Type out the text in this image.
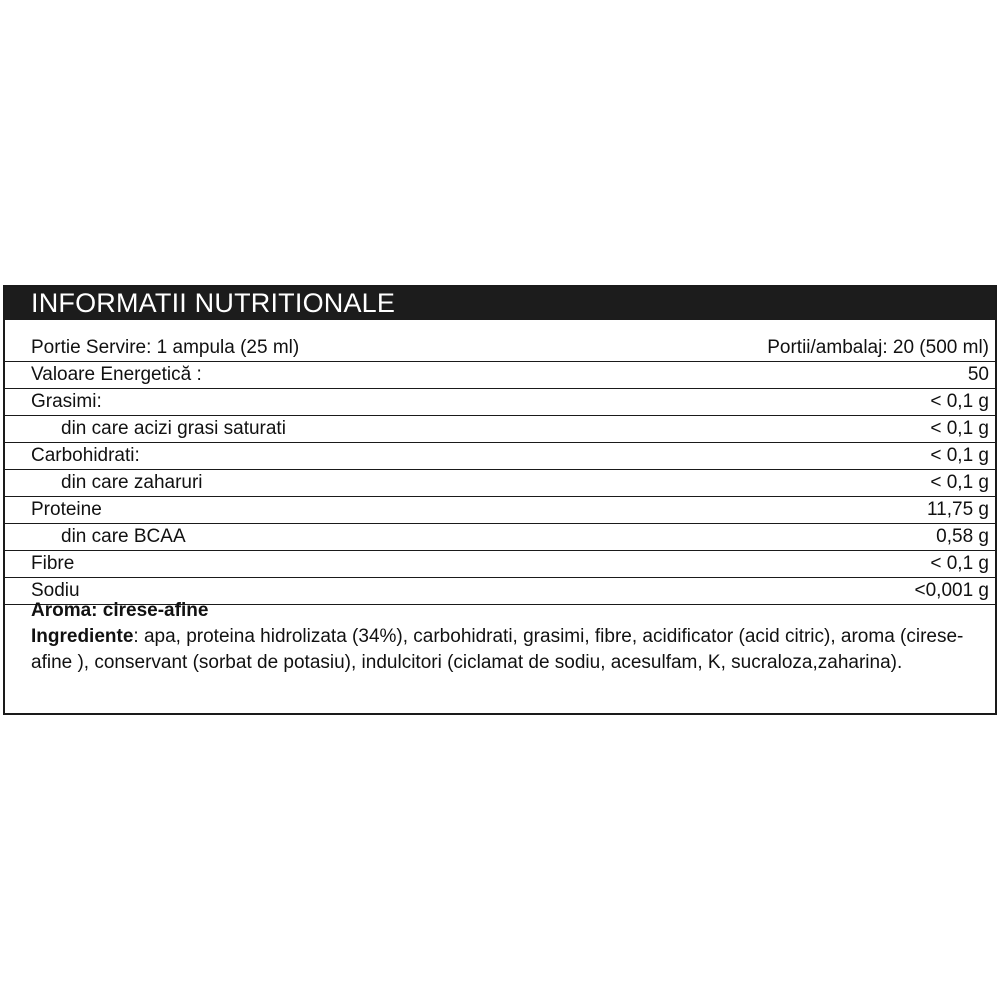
INFORMATII NUTRITIONALE
Portie Servire: 1 ampula (25 ml)	Portii/ambalaj: 20 (500 ml)
Valoare Energetică :	50
Grasimi:	< 0,1 g
din care acizi grasi saturati	< 0,1 g
Carbohidrati:	< 0,1 g
din care zaharuri	< 0,1 g
Proteine	11,75 g
din care BCAA	0,58 g
Fibre	< 0,1 g
Sodiu	<0,001 g

Aroma: cirese-afine

Ingrediente: apa, proteina hidrolizata (34%), carbohidrati, grasimi, fibre, acidificator (acid citric), aroma (cirese-afine ), conservant (sorbat de potasiu), indulcitori (ciclamat de sodiu, acesulfam, K, sucraloza,zaharina).
